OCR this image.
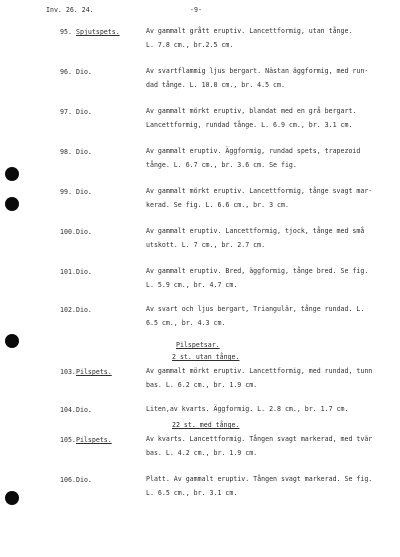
Inv. 26. 24.	-9-
95. Spjutspets.	Av gammalt grått eruptiv. Lancettformig, utan tånge.
L. 7.8 cm., br.2.5 cm.
96. Dio.	Av svartflammig ljus bergart. Nästan äggformig, med run-
dad tånge. L. 10.8 cm., br. 4.5 cm.
97. Dio.	Av gammalt mörkt eruptiv, blandat med en grå bergart.
Lancettformig, rundad tånge. L. 6.9 cm., br. 3.1 cm.
98. Dio.	Av gammalt eruptiv. Äggformig, rundad spets, trapezoid
tånge. L. 6.7 cm., br. 3.6 cm. Se fig.
99. Dio.	Av gammalt mörkt eruptiv. Lancettformig, tånge svagt mar-
kerad. Se fig. L. 6.6 cm., br. 3 cm.
100. Dio.	Av gammalt eruptiv. Lancettformig, tjock, tånge med små
utskott. L. 7 cm., br. 2.7 cm.
101. Dio.	Av gammalt eruptiv. Bred, äggformig, tånge bred. Se fig.
L. 5.9 cm., br. 4.7 cm.
102. Dio.	Av svart och ljus bergart, Triangulär, tånge rundad. L.
6.5 cm., br. 4.3 cm.
Pilspetsar.
2 st. utan tånge.
103. Pilspets.	Av gammalt mörkt eruptiv. Lancettformig, med rundad, tunn
bas. L. 6.2 cm., br. 1.9 cm.
104. Dio.	Liten,av kvarts. Äggformig. L. 2.8 cm., br. 1.7 cm.
22 st. med tånge.
105. Pilspets.	Av kvarts. Lancettformig. Tången svagt markerad, med tvär
bas. L. 4.2 cm., br. 1.9 cm.
106. Dio.	Platt. Av gammalt eruptiv. Tången svagt markerad. Se fig.
L. 6.5 cm., br. 3.1 cm.
